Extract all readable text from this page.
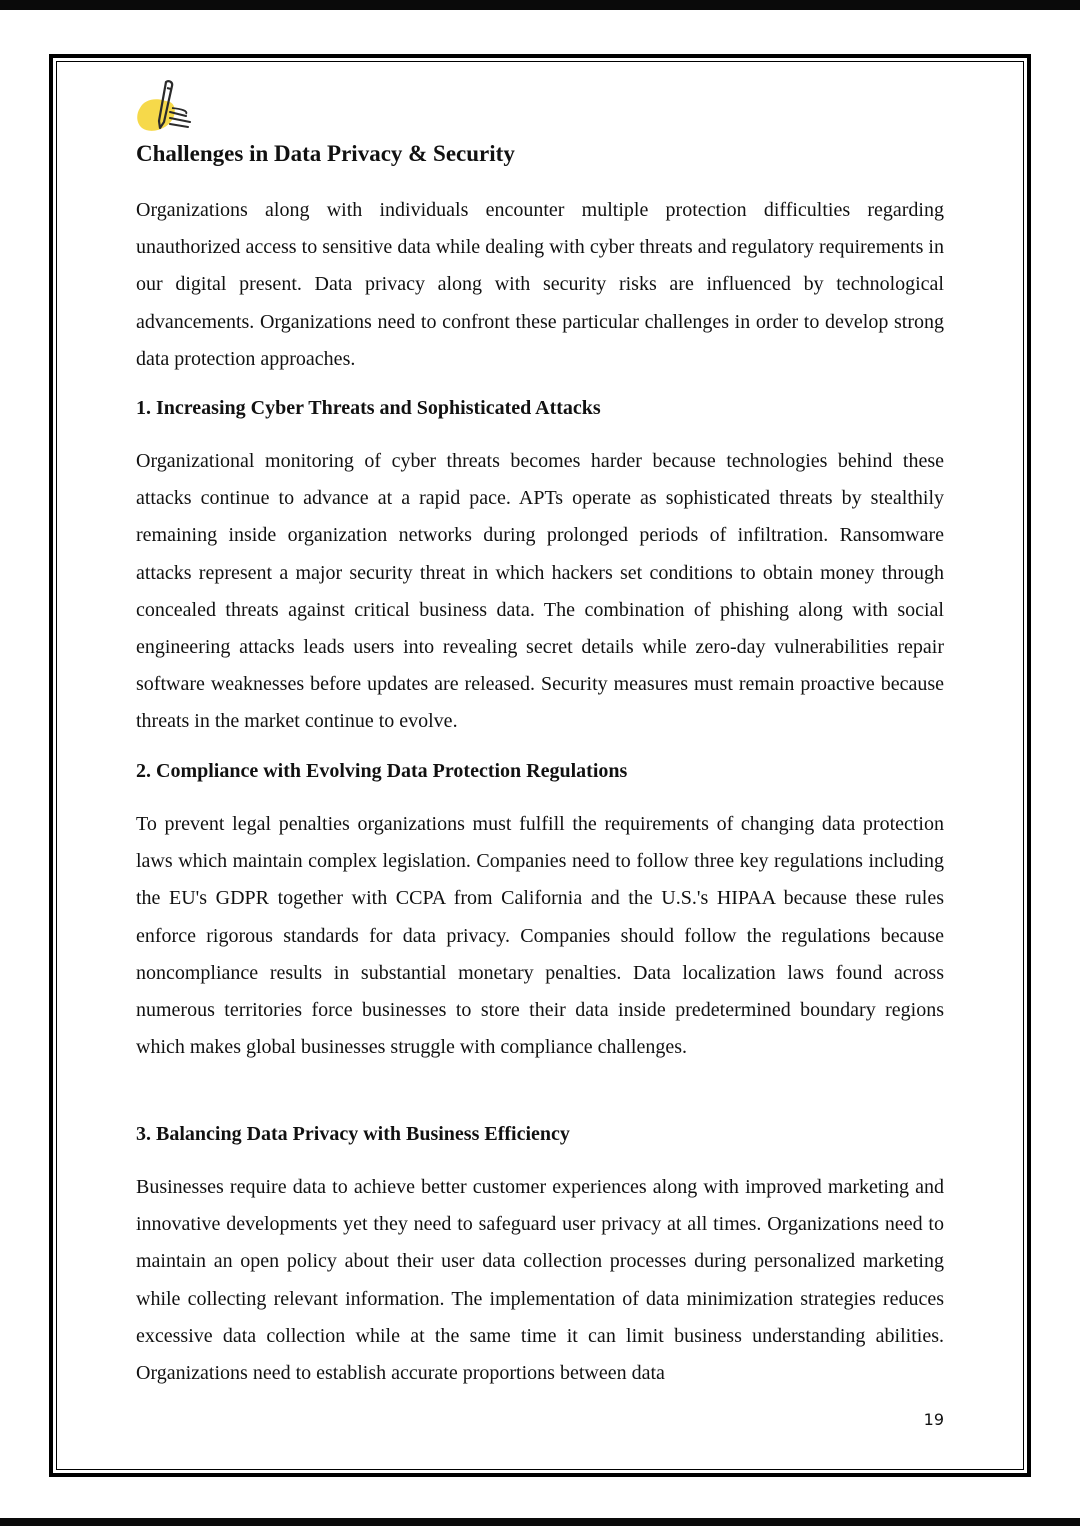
Challenges in Data Privacy & Security

Organizations along with individuals encounter multiple protection difficulties regarding unauthorized access to sensitive data while dealing with cyber threats and regulatory requirements in our digital present. Data privacy along with security risks are influenced by technological advancements. Organizations need to confront these particular challenges in order to develop strong data protection approaches.

1. Increasing Cyber Threats and Sophisticated Attacks

Organizational monitoring of cyber threats becomes harder because technologies behind these attacks continue to advance at a rapid pace. APTs operate as sophisticated threats by stealthily remaining inside organization networks during prolonged periods of infiltration. Ransomware attacks represent a major security threat in which hackers set conditions to obtain money through concealed threats against critical business data. The combination of phishing along with social engineering attacks leads users into revealing secret details while zero-day vulnerabilities repair software weaknesses before updates are released. Security measures must remain proactive because threats in the market continue to evolve.

2. Compliance with Evolving Data Protection Regulations

To prevent legal penalties organizations must fulfill the requirements of changing data protection laws which maintain complex legislation. Companies need to follow three key regulations including the EU's GDPR together with CCPA from California and the U.S.'s HIPAA because these rules enforce rigorous standards for data privacy. Companies should follow the regulations because noncompliance results in substantial monetary penalties. Data localization laws found across numerous territories force businesses to store their data inside predetermined boundary regions which makes global businesses struggle with compliance challenges.

3. Balancing Data Privacy with Business Efficiency

Businesses require data to achieve better customer experiences along with improved marketing and innovative developments yet they need to safeguard user privacy at all times. Organizations need to maintain an open policy about their user data collection processes during personalized marketing while collecting relevant information. The implementation of data minimization strategies reduces excessive data collection while at the same time it can limit business understanding abilities. Organizations need to establish accurate proportions between data

19
